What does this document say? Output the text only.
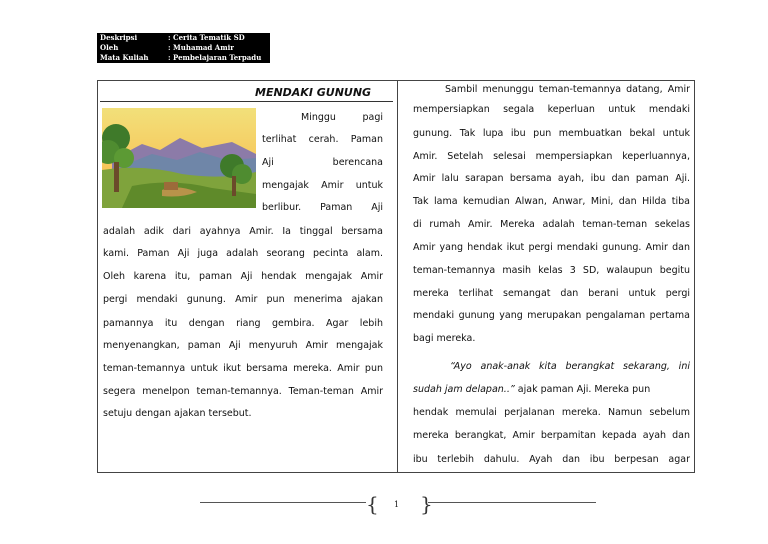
Deskripsi	: Cerita Tematik SD
Oleh	: Muhamad Amir
Mata Kuliah	: Pembelajaran Terpadu
MENDAKI GUNUNG
Minggu pagi
terlihat cerah. Paman
Aji berencana
mengajak Amir untuk
berlibur. Paman Aji
adalah adik dari ayahnya Amir. Ia tinggal bersama
kami. Paman Aji juga adalah seorang pecinta alam.
Oleh karena itu, paman Aji hendak mengajak Amir
pergi mendaki gunung. Amir pun menerima ajakan
pamannya itu dengan riang gembira. Agar lebih
menyenangkan, paman Aji menyuruh Amir mengajak
teman-temannya untuk ikut bersama mereka. Amir pun
segera menelpon teman-temannya. Teman-teman Amir
setuju dengan ajakan tersebut.
Sambil menunggu teman-temannya datang, Amir
mempersiapkan segala keperluan untuk mendaki
gunung. Tak lupa ibu pun membuatkan bekal untuk
Amir. Setelah selesai mempersiapkan keperluannya,
Amir lalu sarapan bersama ayah, ibu dan paman Aji.
Tak lama kemudian Alwan, Anwar, Mini, dan Hilda tiba
di rumah Amir. Mereka adalah teman-teman sekelas
Amir yang hendak ikut pergi mendaki gunung. Amir dan
teman-temannya masih kelas 3 SD, walaupun begitu
mereka terlihat semangat dan berani untuk pergi
mendaki gunung yang merupakan pengalaman pertama
bagi mereka.
“Ayo anak-anak kita berangkat sekarang, ini
sudah jam delapan..” ajak paman Aji. Mereka pun
hendak memulai perjalanan mereka. Namun sebelum
mereka berangkat, Amir berpamitan kepada ayah dan
ibu terlebih dahulu. Ayah dan ibu berpesan agar
{ }
1
